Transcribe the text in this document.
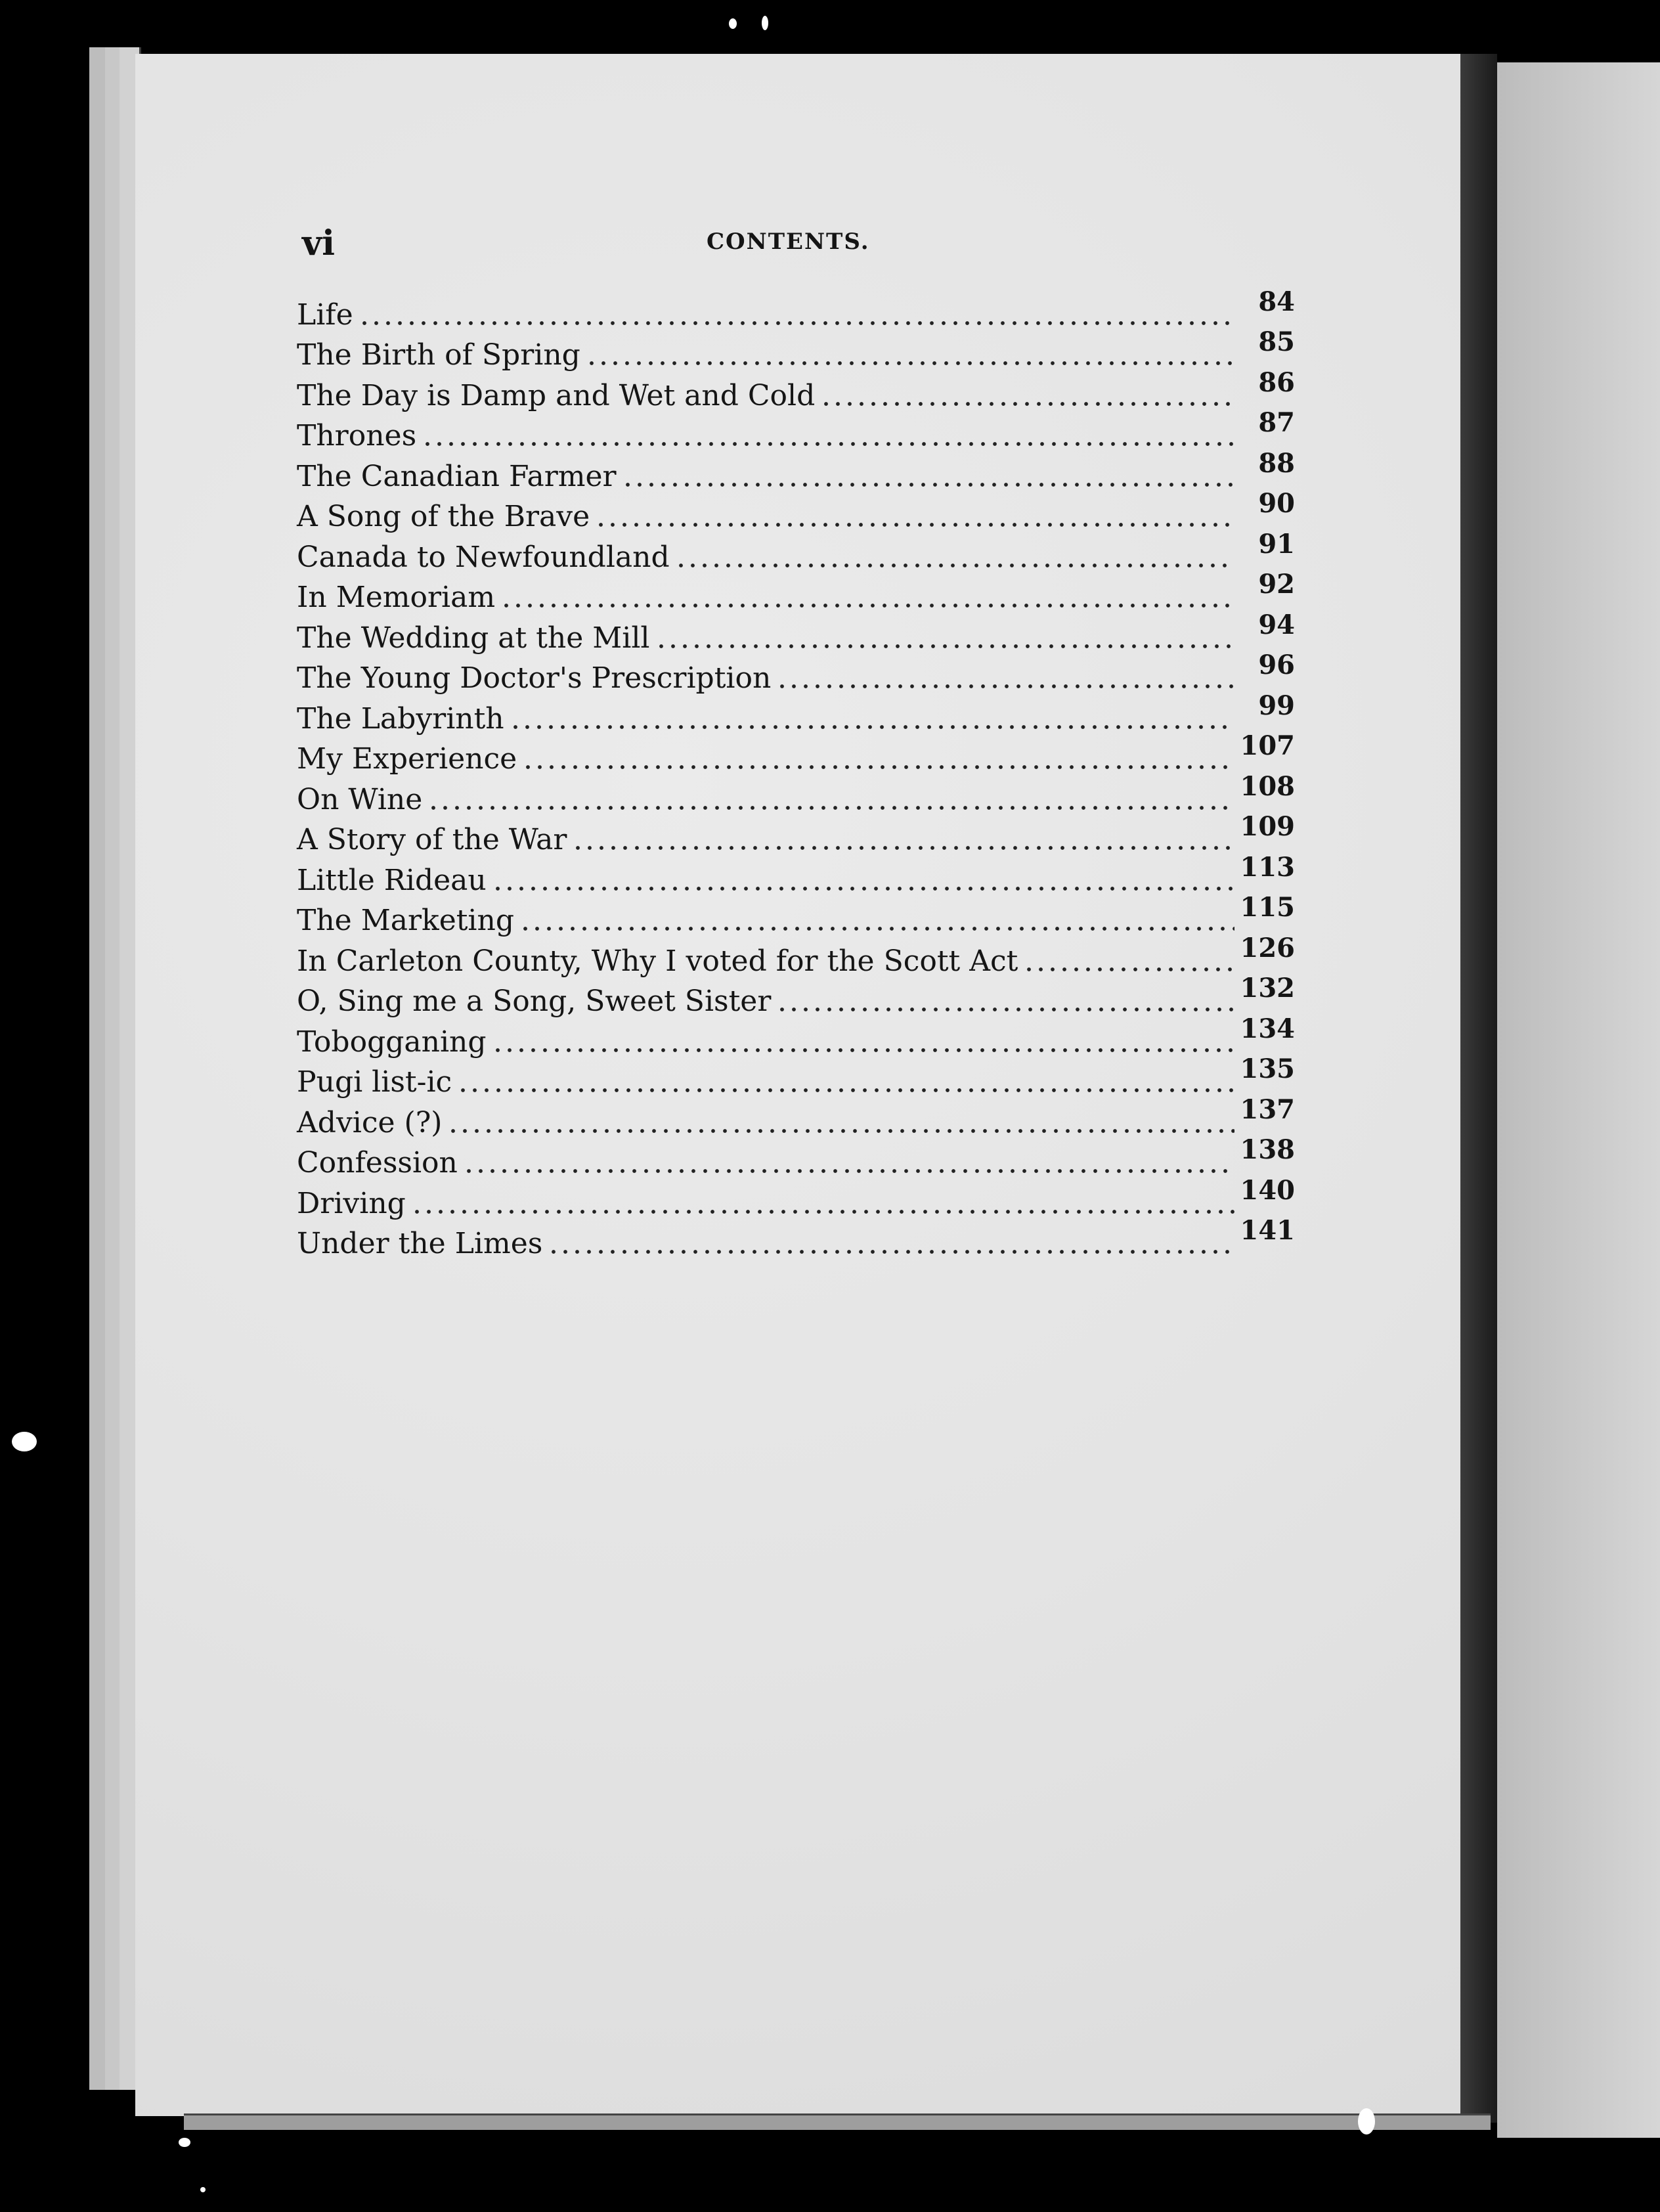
vi	CONTENTS.
Life	84
The Birth of Spring	85
The Day is Damp and Wet and Cold	86
Thrones	87
The Canadian Farmer	88
A Song of the Brave	90
Canada to Newfoundland	91
In Memoriam	92
The Wedding at the Mill	94
The Young Doctor's Prescription	96
The Labyrinth	99
My Experience	107
On Wine	108
A Story of the War	109
Little Rideau	113
The Marketing	115
In Carleton County, Why I voted for the Scott Act	126
O, Sing me a Song, Sweet Sister	132
Tobogganing	134
Pugi list-ic	135
Advice (?)	137
Confession	138
Driving	140
Under the Limes	141
